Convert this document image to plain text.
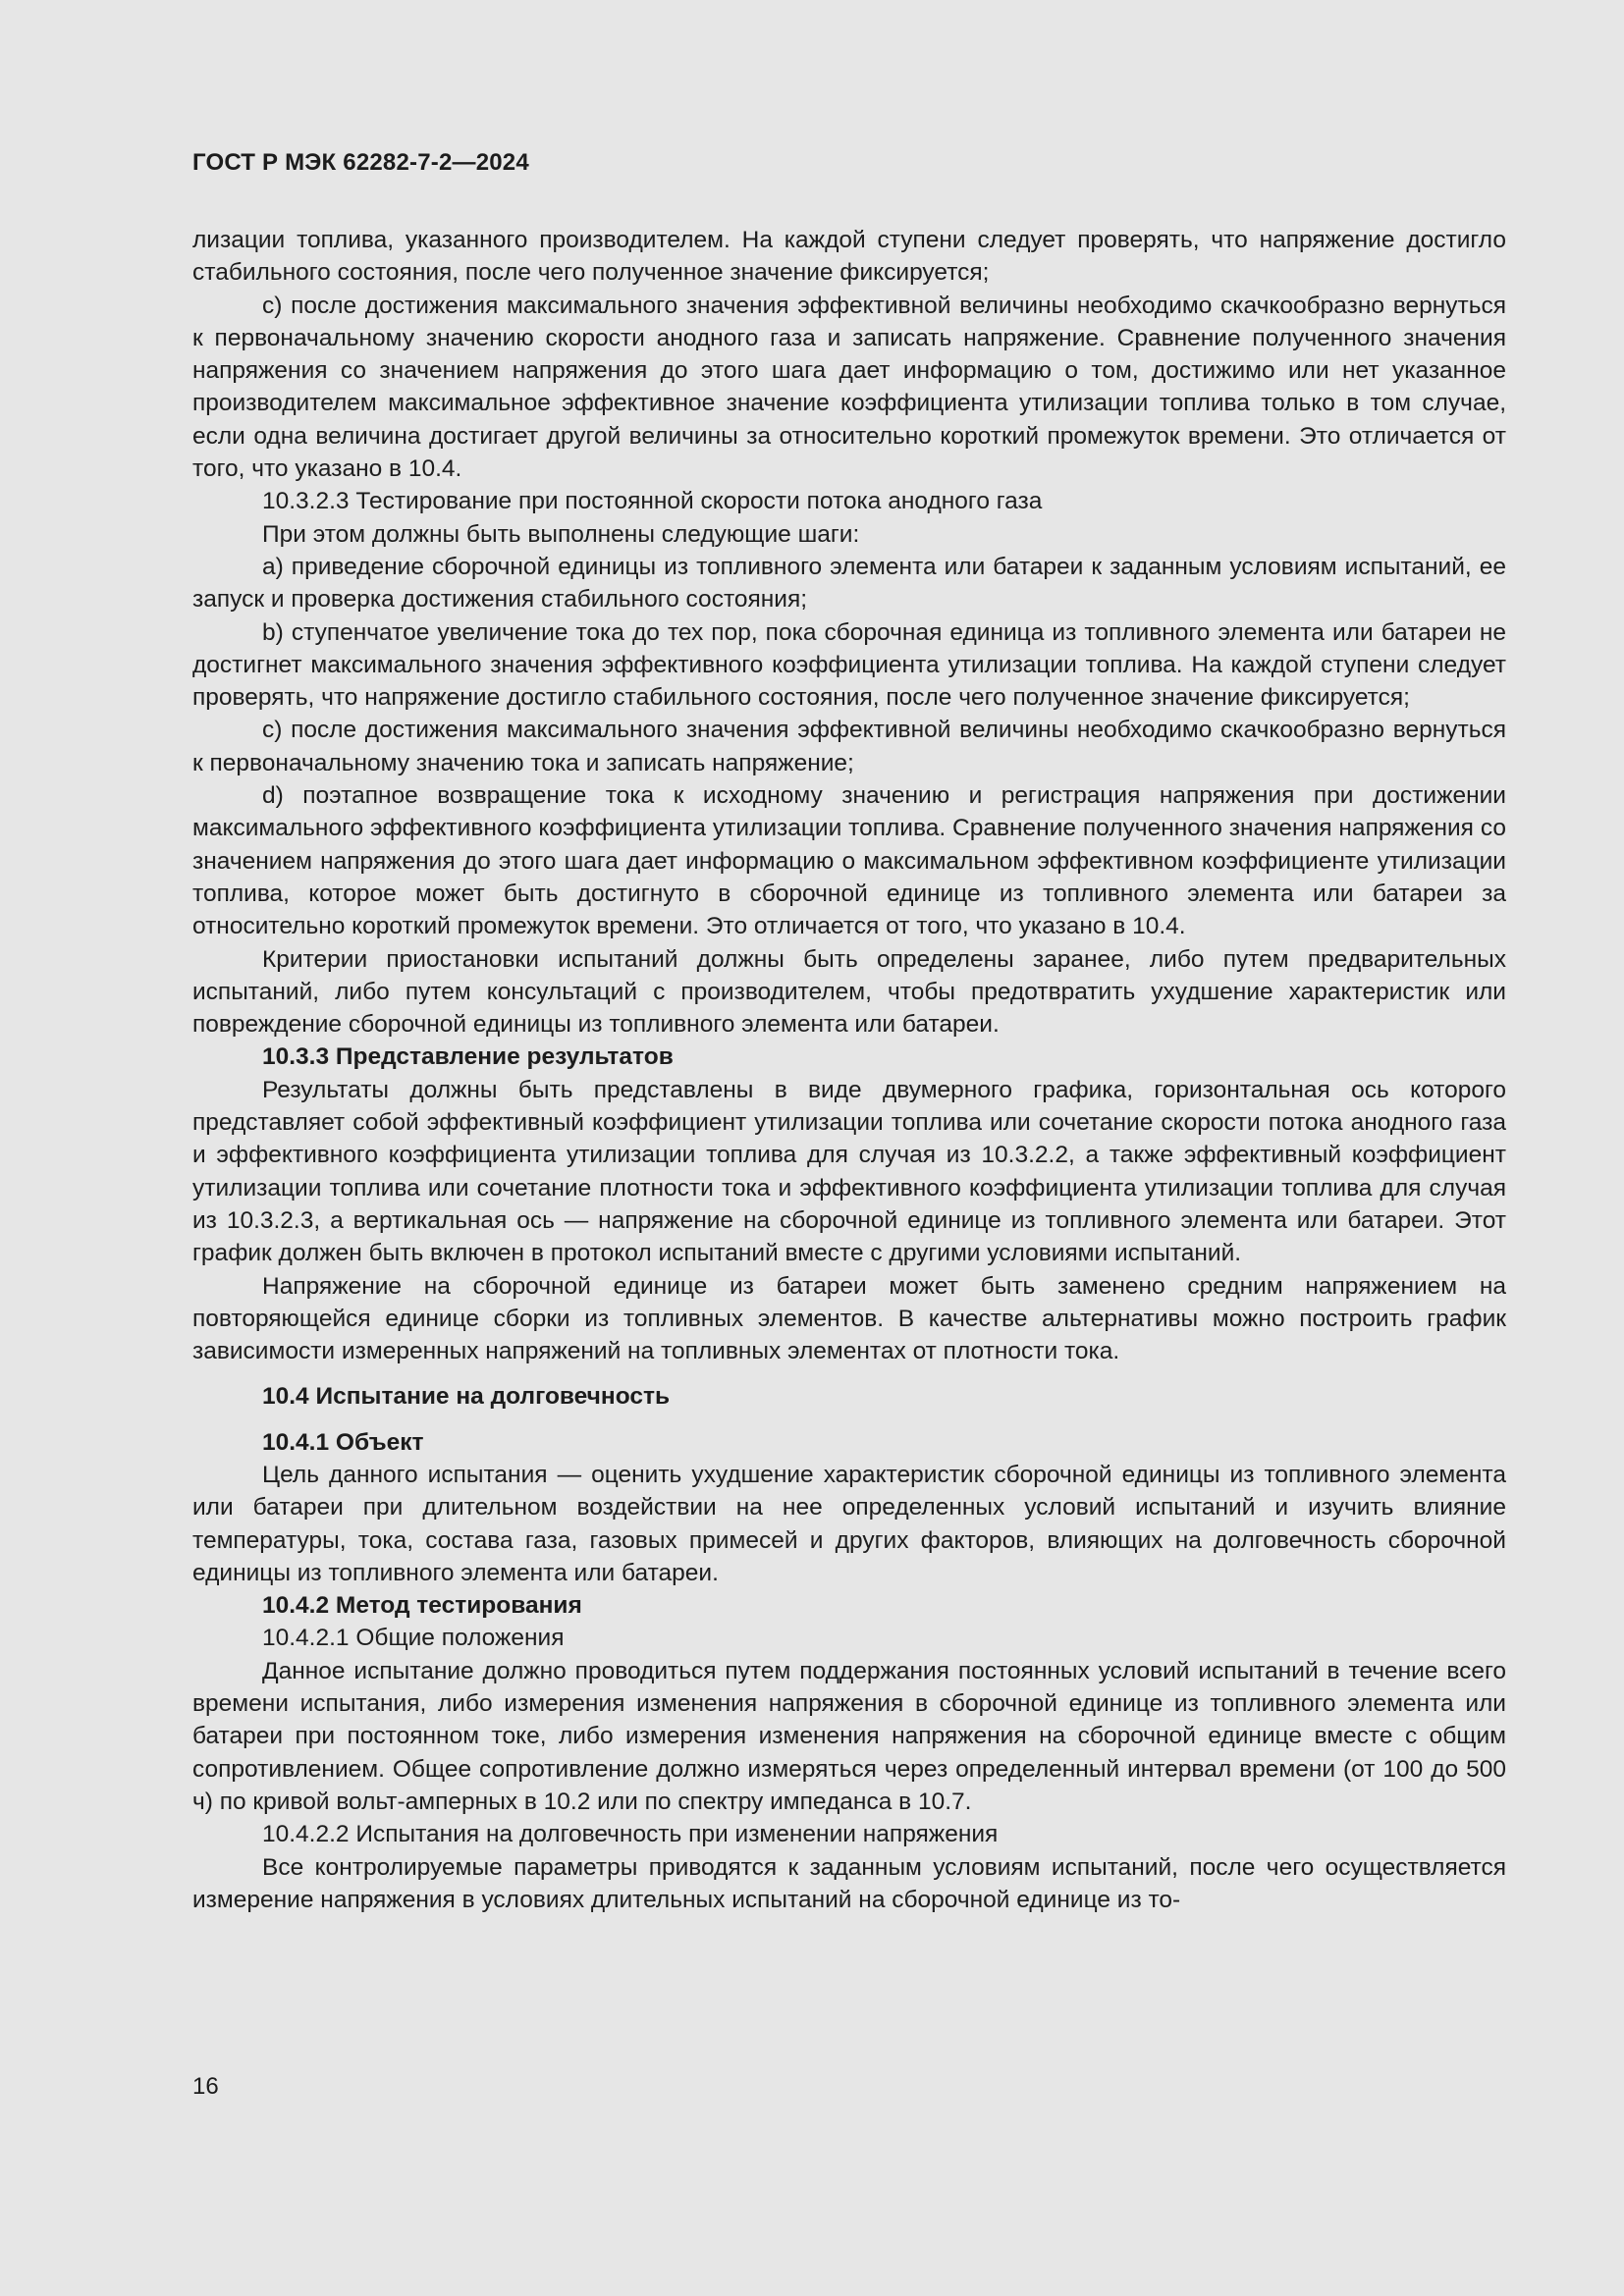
ГОСТ Р МЭК 62282-7-2—2024

лизации топлива, указанного производителем. На каждой ступени следует проверять, что напряжение достигло стабильного состояния, после чего полученное значение фиксируется;

c) после достижения максимального значения эффективной величины необходимо скачкообразно вернуться к первоначальному значению скорости анодного газа и записать напряжение. Сравнение полученного значения напряжения со значением напряжения до этого шага дает информацию о том, достижимо или нет указанное производителем максимальное эффективное значение коэффициента утилизации топлива только в том случае, если одна величина достигает другой величины за относительно короткий промежуток времени. Это отличается от того, что указано в 10.4.

10.3.2.3 Тестирование при постоянной скорости потока анодного газа

При этом должны быть выполнены следующие шаги:

a) приведение сборочной единицы из топливного элемента или батареи к заданным условиям испытаний, ее запуск и проверка достижения стабильного состояния;

b) ступенчатое увеличение тока до тех пор, пока сборочная единица из топливного элемента или батареи не достигнет максимального значения эффективного коэффициента утилизации топлива. На каждой ступени следует проверять, что напряжение достигло стабильного состояния, после чего полученное значение фиксируется;

c) после достижения максимального значения эффективной величины необходимо скачкообразно вернуться к первоначальному значению тока и записать напряжение;

d) поэтапное возвращение тока к исходному значению и регистрация напряжения при достижении максимального эффективного коэффициента утилизации топлива. Сравнение полученного значения напряжения со значением напряжения до этого шага дает информацию о максимальном эффективном коэффициенте утилизации топлива, которое может быть достигнуто в сборочной единице из топливного элемента или батареи за относительно короткий промежуток времени. Это отличается от того, что указано в 10.4.

Критерии приостановки испытаний должны быть определены заранее, либо путем предварительных испытаний, либо путем консультаций с производителем, чтобы предотвратить ухудшение характеристик или повреждение сборочной единицы из топливного элемента или батареи.

10.3.3 Представление результатов

Результаты должны быть представлены в виде двумерного графика, горизонтальная ось которого представляет собой эффективный коэффициент утилизации топлива или сочетание скорости потока анодного газа и эффективного коэффициента утилизации топлива для случая из 10.3.2.2, а также эффективный коэффициент утилизации топлива или сочетание плотности тока и эффективного коэффициента утилизации топлива для случая из 10.3.2.3, а вертикальная ось — напряжение на сборочной единице из топливного элемента или батареи. Этот график должен быть включен в протокол испытаний вместе с другими условиями испытаний.

Напряжение на сборочной единице из батареи может быть заменено средним напряжением на повторяющейся единице сборки из топливных элементов. В качестве альтернативы можно построить график зависимости измеренных напряжений на топливных элементах от плотности тока.

10.4 Испытание на долговечность

10.4.1 Объект

Цель данного испытания — оценить ухудшение характеристик сборочной единицы из топливного элемента или батареи при длительном воздействии на нее определенных условий испытаний и изучить влияние температуры, тока, состава газа, газовых примесей и других факторов, влияющих на долговечность сборочной единицы из топливного элемента или батареи.

10.4.2 Метод тестирования

10.4.2.1 Общие положения

Данное испытание должно проводиться путем поддержания постоянных условий испытаний в течение всего времени испытания, либо измерения изменения напряжения в сборочной единице из топливного элемента или батареи при постоянном токе, либо измерения изменения напряжения на сборочной единице вместе с общим сопротивлением. Общее сопротивление должно измеряться через определенный интервал времени (от 100 до 500 ч) по кривой вольт-амперных в 10.2 или по спектру импеданса в 10.7.

10.4.2.2 Испытания на долговечность при изменении напряжения

Все контролируемые параметры приводятся к заданным условиям испытаний, после чего осуществляется измерение напряжения в условиях длительных испытаний на сборочной единице из то-

16
